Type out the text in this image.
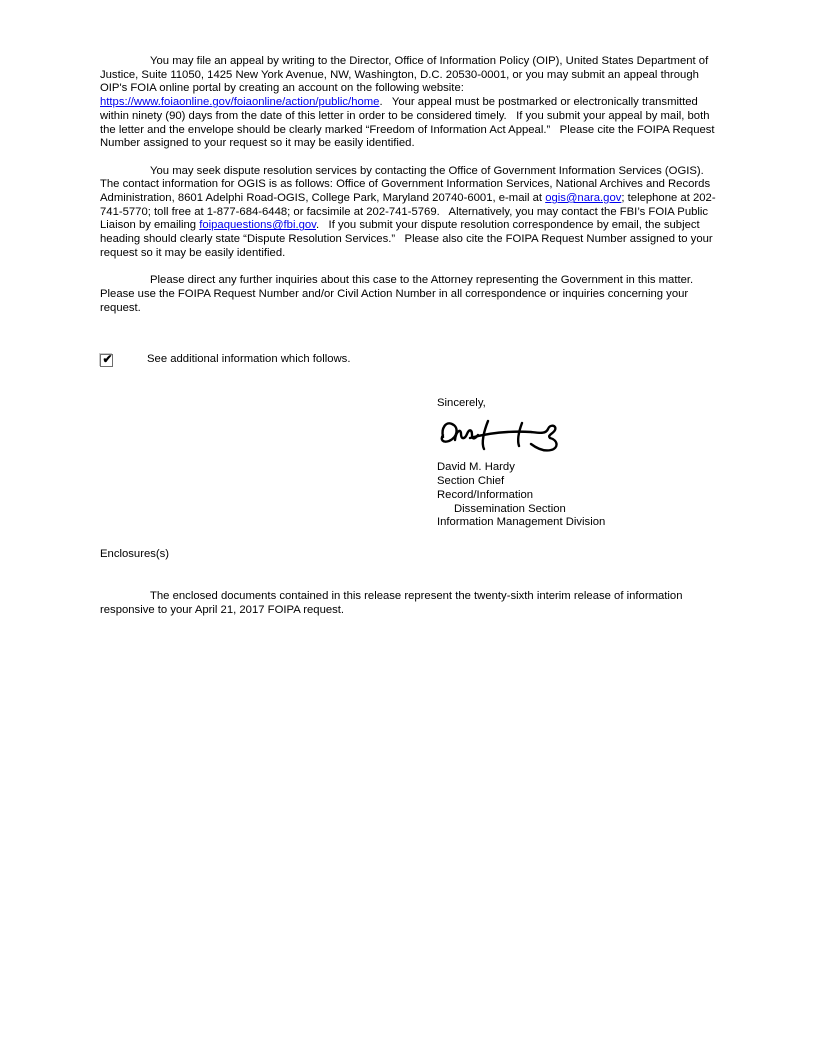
You may file an appeal by writing to the Director, Office of Information Policy (OIP), United States Department of Justice, Suite 11050, 1425 New York Avenue, NW, Washington, D.C. 20530-0001, or you may submit an appeal through OIP's FOIA online portal by creating an account on the following website:  https://www.foiaonline.gov/foiaonline/action/public/home.   Your appeal must be postmarked or electronically transmitted within ninety (90) days from the date of this letter in order to be considered timely.   If you submit your appeal by mail, both the letter and the envelope should be clearly marked “Freedom of Information Act Appeal.”   Please cite the FOIPA Request Number assigned to your request so it may be easily identified.

You may seek dispute resolution services by contacting the Office of Government Information Services (OGIS).   The contact information for OGIS is as follows: Office of Government Information Services, National Archives and Records Administration, 8601 Adelphi Road-OGIS, College Park, Maryland 20740-6001, e-mail at ogis@nara.gov; telephone at 202-741-5770; toll free at 1-877-684-6448; or facsimile at 202-741-5769.   Alternatively, you may contact the FBI’s FOIA Public Liaison by emailing foipaquestions@fbi.gov.   If you submit your dispute resolution correspondence by email, the subject heading should clearly state “Dispute Resolution Services.”   Please also cite the FOIPA Request Number assigned to your request so it may be easily identified.

Please direct any further inquiries about this case to the Attorney representing the Government in this matter.   Please use the FOIPA Request Number and/or Civil Action Number in all correspondence or inquiries concerning your request.

✔	See additional information which follows.
Sincerely,
David M. Hardy
Section Chief
Record/Information
Dissemination Section
Information Management Division
Enclosures(s)

The enclosed documents contained in this release represent the twenty-sixth interim release of information responsive to your April 21, 2017 FOIPA request.
